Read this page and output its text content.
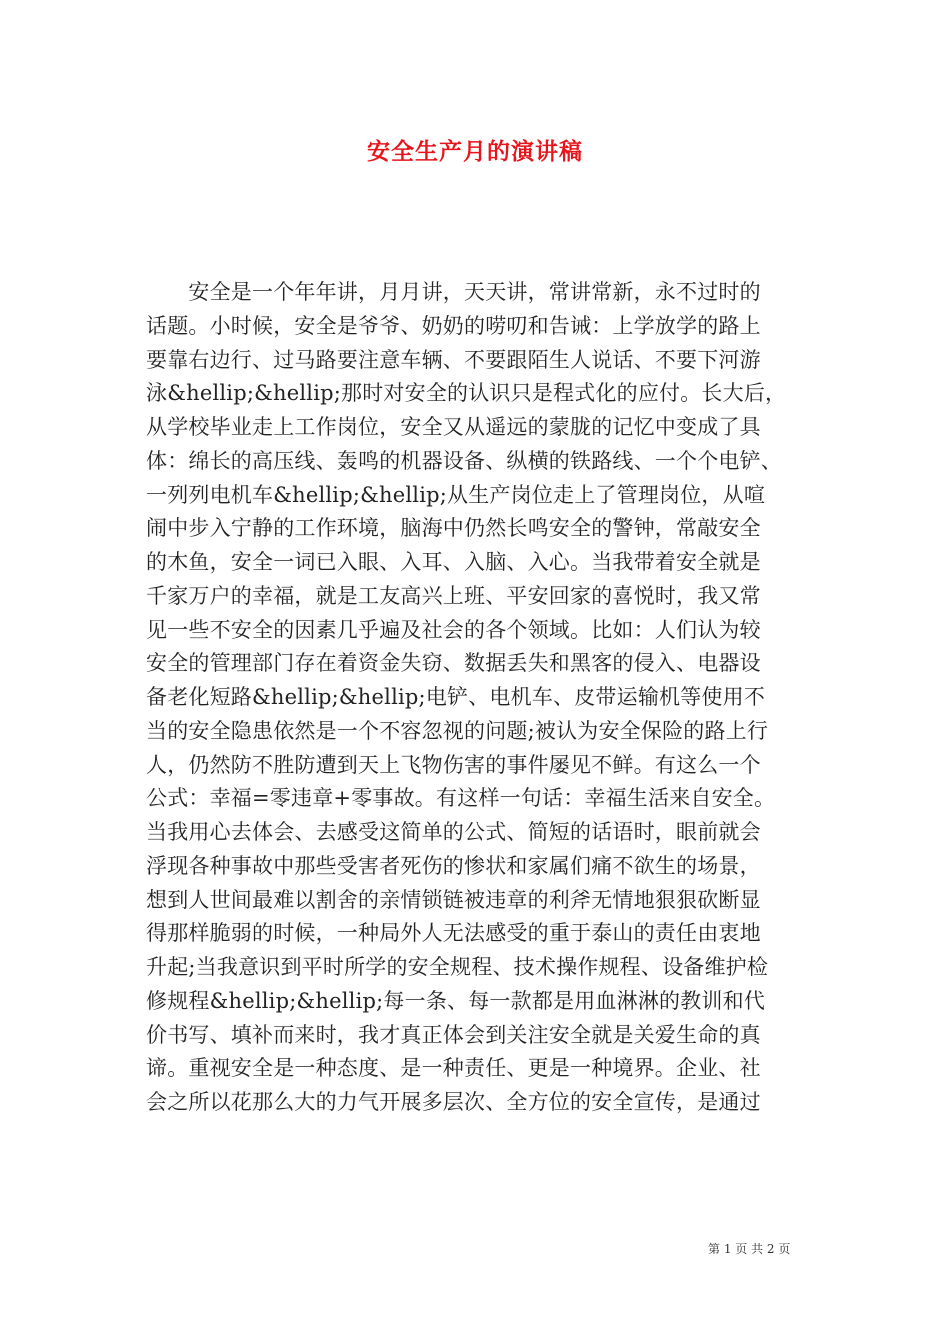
安全生产月的演讲稿
　　安全是一个年年讲，月月讲，天天讲，常讲常新，永不过时的
话题。小时候，安全是爷爷、奶奶的唠叨和告诫：上学放学的路上
要靠右边行、过马路要注意车辆、不要跟陌生人说话、不要下河游
泳&hellip;&hellip;那时对安全的认识只是程式化的应付。长大后，
从学校毕业走上工作岗位，安全又从遥远的蒙胧的记忆中变成了具
体：绵长的高压线、轰鸣的机器设备、纵横的铁路线、一个个电铲、
一列列电机车&hellip;&hellip;从生产岗位走上了管理岗位，从喧
闹中步入宁静的工作环境，脑海中仍然长鸣安全的警钟，常敲安全
的木鱼，安全一词已入眼、入耳、入脑、入心。当我带着安全就是
千家万户的幸福，就是工友高兴上班、平安回家的喜悦时，我又常
见一些不安全的因素几乎遍及社会的各个领域。比如：人们认为较
安全的管理部门存在着资金失窃、数据丢失和黑客的侵入、电器设
备老化短路&hellip;&hellip;电铲、电机车、皮带运输机等使用不
当的安全隐患依然是一个不容忽视的问题;被认为安全保险的路上行
人，仍然防不胜防遭到天上飞物伤害的事件屡见不鲜。有这么一个
公式：幸福=零违章+零事故。有这样一句话：幸福生活来自安全。
当我用心去体会、去感受这简单的公式、简短的话语时，眼前就会
浮现各种事故中那些受害者死伤的惨状和家属们痛不欲生的场景，
想到人世间最难以割舍的亲情锁链被违章的利斧无情地狠狠砍断显
得那样脆弱的时候，一种局外人无法感受的重于泰山的责任由衷地
升起;当我意识到平时所学的安全规程、技术操作规程、设备维护检
修规程&hellip;&hellip;每一条、每一款都是用血淋淋的教训和代
价书写、填补而来时，我才真正体会到关注安全就是关爱生命的真
谛。重视安全是一种态度、是一种责任、更是一种境界。企业、社
会之所以花那么大的力气开展多层次、全方位的安全宣传，是通过
第 1 页 共 2 页
